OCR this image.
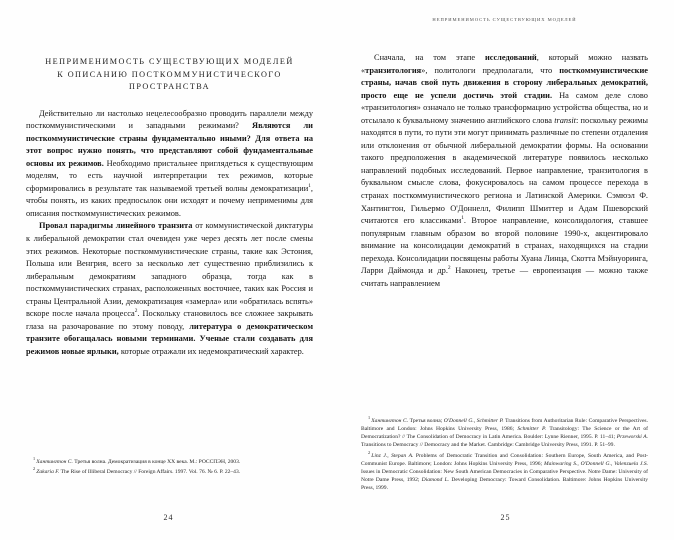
НЕПРИМЕНИМОСТЬ СУЩЕСТВУЮЩИХ МОДЕЛЕЙ
К ОПИСАНИЮ ПОСТКОММУНИСТИЧЕСКОГО
ПРОСТРАНСТВА

Действительно ли настолько нецелесообразно проводить параллели между посткоммунистическими и западными режимами? Являются ли посткоммунистические страны фундаментально иными? Для ответа на этот вопрос нужно понять, что представляют собой фундаментальные основы их режимов. Необходимо пристальнее приглядеться к существующим моделям, то есть научной интерпретации тех режимов, которые сформировались в результате так называемой третьей волны демократизации$^1$, чтобы понять, из каких предпосылок они исходят и почему неприменимы для описания посткоммунистических режимов.

Провал парадигмы линейного транзита от коммунистической диктатуры к либеральной демократии стал очевиден уже через десять лет после смены этих режимов. Некоторые посткоммунистические страны, такие как Эстония, Польша или Венгрия, всего за несколько лет существенно приблизились к либеральным демократиям западного образца, тогда как в посткоммунистических странах, расположенных восточнее, таких как Россия и страны Центральной Азии, демократизация «замерла» или «обратилась вспять» вскоре после начала процесса$^2$. Поскольку становилось все сложнее закрывать глаза на разочарование по этому поводу, литература о демократическом транзите обогащалась новыми терминами. Ученые стали создавать для режимов новые ярлыки, которые отражали их недемократический характер.

$^1$Хантингтон С. Третья волна. Демократизация в конце XX века. М.: РОССПЭН, 2003.

$^2$Zakaria F. The Rise of Illiberal Democracy // Foreign Affairs. 1997. Vol. 76. № 6. P. 22–43.

24
НЕПРИМЕНИМОСТЬ СУЩЕСТВУЮЩИХ МОДЕЛЕЙ

Сначала, на том этапе исследований, который можно назвать «транзитология», политологи предполагали, что посткоммунистические страны, начав свой путь движения в сторону либеральных демократий, просто еще не успели достичь этой стадии. На самом деле слово «транзитология» означало не только трансформацию устройства общества, но и отсылало к буквальному значению английского слова transit: поскольку режимы находятся в пути, то пути эти могут принимать различные по степени отдаления или отклонения от обычной либеральной демократии формы. На основании такого предположения в академической литературе появилось несколько направлений подобных исследований. Первое направление, транзитология в буквальном смысле слова, фокусировалось на самом процессе перехода в странах посткоммунистического региона и Латинской Америки. Сэмюэл Ф. Хантингтон, Гильермо О'Доннелл, Филипп Шмиттер и Адам Пшеворский считаются его классиками$^1$. Второе направление, консолидология, ставшее популярным главным образом во второй половине 1990-х, акцентировало внимание на консолидации демократий в странах, находящихся на стадии перехода. Консолидации посвящены работы Хуана Линца, Скотта Мэйнуоринга, Ларри Даймонда и др.$^2$ Наконец, третье — европеизация — можно также считать направлением

$^1$Хантингтон С. Третья волна; O'Donnell G., Schmitter P. Transitions from Authoritarian Rule: Comparative Perspectives. Baltimore and London: Johns Hopkins University Press, 1986; Schmitter P. Transitology: The Science or the Art of Democratization? // The Consolidation of Democracy in Latin America. Boulder: Lynne Rienner, 1995. P. 11–41; Przeworski A. Transitions to Democracy // Democracy and the Market. Cambridge: Cambridge University Press, 1991. P. 51–99.

$^2$Linz J., Stepan A. Problems of Democratic Transition and Consolidation: Southern Europe, South America, and Post-Communist Europe. Baltimore; London: Johns Hopkins University Press, 1996; Mainwaring S., O'Donnell G., Valenzuela J.S. Issues in Democratic Consolidation: New South American Democracies in Comparative Perspective. Notre Dame: University of Notre Dame Press, 1992; Diamond L. Developing Democracy: Toward Consolidation. Baltimore: Johns Hopkins University Press, 1999.

25
